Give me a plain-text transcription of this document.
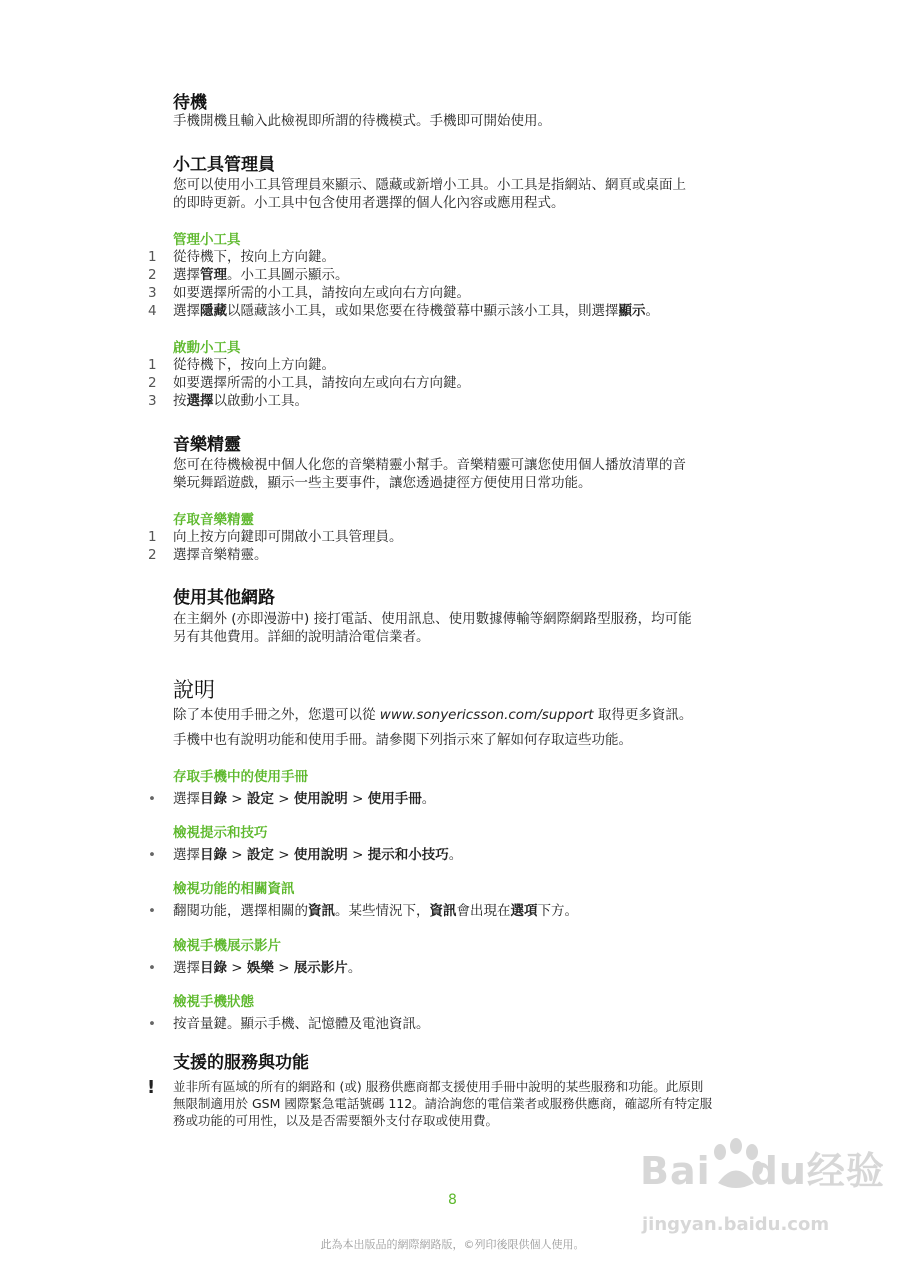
待機
手機開機且輸入此檢視即所謂的待機模式。手機即可開始使用。
小工具管理員
您可以使用小工具管理員來顯示、隱藏或新增小工具。小工具是指網站、網頁或桌面上
的即時更新。小工具中包含使用者選擇的個人化內容或應用程式。
管理小工具
1 從待機下，按向上方向鍵。
2 選擇管理。小工具圖示顯示。
3 如要選擇所需的小工具，請按向左或向右方向鍵。
4 選擇隱藏以隱藏該小工具，或如果您要在待機螢幕中顯示該小工具，則選擇顯示。
啟動小工具
1 從待機下，按向上方向鍵。
2 如要選擇所需的小工具，請按向左或向右方向鍵。
3 按選擇以啟動小工具。
音樂精靈
您可在待機檢視中個人化您的音樂精靈小幫手。音樂精靈可讓您使用個人播放清單的音
樂玩舞蹈遊戲，顯示一些主要事件，讓您透過捷徑方便使用日常功能。
存取音樂精靈
1 向上按方向鍵即可開啟小工具管理員。
2 選擇音樂精靈。
使用其他網路
在主網外 (亦即漫游中) 接打電話、使用訊息、使用數據傳輸等網際網路型服務，均可能
另有其他費用。詳細的說明請洽電信業者。
說明
除了本使用手冊之外，您還可以從 www.sonyericsson.com/support 取得更多資訊。
手機中也有說明功能和使用手冊。請參閱下列指示來了解如何存取這些功能。
存取手機中的使用手冊
• 選擇目錄 > 設定 > 使用說明 > 使用手冊。
檢視提示和技巧
• 選擇目錄 > 設定 > 使用說明 > 提示和小技巧。
檢視功能的相關資訊
• 翻閱功能，選擇相關的資訊。某些情況下，資訊會出現在選項下方。
檢視手機展示影片
• 選擇目錄 > 娛樂 > 展示影片。
檢視手機狀態
• 按音量鍵。顯示手機、記憶體及電池資訊。
支援的服務與功能
! 並非所有區域的所有的網路和 (或) 服務供應商都支援使用手冊中說明的某些服務和功能。此原則
無限制適用於 GSM 國際緊急電話號碼 112。請洽詢您的電信業者或服務供應商，確認所有特定服
務或功能的可用性，以及是否需要額外支付存取或使用費。
Bai du经验
jingyan.baidu.com
8
此為本出版品的網際網路版，©列印後限供個人使用。
